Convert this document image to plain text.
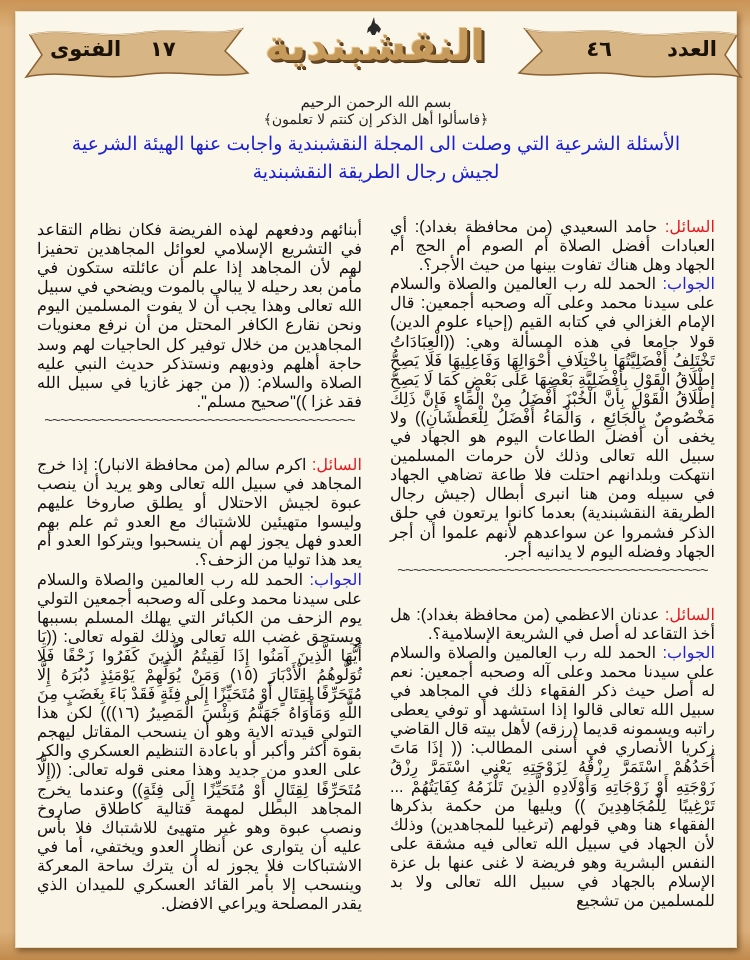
الفتوى ١٧ النقشبندية	العدد
٤٦
بسم الله الرحمن الرحيم
﴿فاسألوا أهل الذكر إن كنتم لا تعلمون﴾
الأسئلة الشرعية التي وصلت الى المجلة النقشبندية واجابت عنها الهيئة الشرعية
لجيش رجال الطريقة النقشبندية

السائل: حامد السعيدي (من محافظة بغداد): أي العبادات أفضل الصلاة أم الصوم أم الحج أم الجهاد وهل هناك تفاوت بينها من حيث الأجر؟.

الجواب: الحمد لله رب العالمين والصلاة والسلام على سيدنا محمد وعلى آله وصحبه أجمعين: قال الإمام الغزالي في كتابه القيم (إحياء علوم الدين) قولا جامعا في هذه المسألة وهي: ((الْعِبَادَاتُ تَخْتَلِفُ أَفْضَلِيَّتُهَا بِاخْتِلَافِ أَحْوَالِهَا وَفَاعِلِيهَا فَلَا يَصِحُّ إطْلَاقُ الْقَوْلِ بِأَفْضَلِيَّةِ بَعْضِهَا عَلَى بَعْضٍ كَمَا لَا يَصِحُّ إطْلَاقُ الْقَوْلِ بِأَنَّ الْخُبْزَ أَفْضَلُ مِنْ الْمَاءِ فَإِنَّ ذَلِكَ مَخْصُوصٌ بِالْجَائِعِ ، وَالْمَاءُ أَفْضَلُ لِلْعَطْشَانِ)) ولا يخفى أن أفضل الطاعات اليوم هو الجهاد في سبيل الله تعالى وذلك لأن حرمات المسلمين انتهكت وبلدانهم احتلت فلا طاعة تضاهي الجهاد في سبيله ومن هنا انبرى أبطال (جيش رجال الطريقة النقشبندية) بعدما كانوا يرتعون في حلق الذكر فشمروا عن سواعدهم لأنهم علموا أن أجر الجهاد وفضله اليوم لا يدانيه أجر.

~~~~~~~~~~~~~~~~~~~~~~~~~~~~~~~~~~~~~~~~

السائل: عدنان الاعظمي (من محافظة بغداد): هل أخذ التقاعد له أصل في الشريعة الإسلامية؟.

الجواب: الحمد لله رب العالمين والصلاة والسلام على سيدنا محمد وعلى آله وصحبه أجمعين: نعم له أصل حيث ذكر الفقهاء ذلك في المجاهد في سبيل الله تعالى قالوا إذا استشهد أو توفي يعطى راتبه ويسمونه قديما (رزقه) لأهل بيته قال القاضي زكريا الأنصاري في أسنى المطالب: (( إذَا مَاتَ أَحَدُهُمْ اسْتَمَرَّ رِزْقُهُ لِزَوْجَتِهِ يَعْنِي اسْتَمَرَّ رِزْقُ زَوْجَتِهِ أَوْ زَوْجَاتِهِ وَأَوْلَادِهِ الَّذِينَ تَلْزَمُهُ كِفَايَتُهُمْ ... تَرْغِيبًا لِلْمُجَاهِدِينَ )) ويليها من حكمة بذكرها الفقهاء هنا وهي قولهم (ترغيبا للمجاهدين) وذلك لأن الجهاد في سبيل الله تعالى فيه مشقة على النفس البشرية وهو فريضة لا غنى عنها بل عزة الإسلام بالجهاد في سبيل الله تعالى ولا بد للمسلمين من تشجيع

أبنائهم ودفعهم لهذه الفريضة فكان نظام التقاعد في التشريع الإسلامي لعوائل المجاهدين تحفيزا لهم لأن المجاهد إذا علم أن عائلته ستكون في مأمن بعد رحيله لا يبالي بالموت ويضحي في سبيل الله تعالى وهذا يجب أن لا يفوت المسلمين اليوم ونحن نقارع الكافر المحتل من أن نرفع معنويات المجاهدين من خلال توفير كل الحاجيات لهم وسد حاجة أهلهم وذويهم ونستذكر حديث النبي عليه الصلاة والسلام: (( من جهز غازيا في سبيل الله فقد غزا ))"صحيح مسلم".

~~~~~~~~~~~~~~~~~~~~~~~~~~~~~~~~~~~~~~~~

السائل: اكرم سالم (من محافظة الانبار): إذا خرج المجاهد في سبيل الله تعالى وهو يريد أن ينصب عبوة لجيش الاحتلال أو يطلق صاروخا عليهم وليسوا متهيئين للاشتباك مع العدو ثم علم بهم العدو فهل يجوز لهم أن ينسحبوا ويتركوا العدو أم يعد هذا توليا من الزحف؟.

الجواب: الحمد لله رب العالمين والصلاة والسلام على سيدنا محمد وعلى آله وصحبه أجمعين التولي يوم الزحف من الكبائر التي يهلك المسلم بسببها ويستحق غضب الله تعالى وذلك لقوله تعالى: ((يَا أَيُّهَا الَّذِينَ آمَنُوا إِذَا لَقِيتُمُ الَّذِينَ كَفَرُوا زَحْفًا فَلَا تُوَلُّوهُمُ الْأَدْبَارَ (١٥) وَمَنْ يُوَلِّهِمْ يَوْمَئِذٍ دُبُرَهُ إِلَّا مُتَحَرِّفًا لِقِتَالٍ أَوْ مُتَحَيِّزًا إِلَى فِئَةٍ فَقَدْ بَاءَ بِغَضَبٍ مِنَ اللَّهِ وَمَأْوَاهُ جَهَنَّمُ وَبِئْسَ الْمَصِيرُ (١٦))) لكن هذا التولي قيدته الاية وهو أن ينسحب المقاتل ليهجم بقوة أكثر وأكبر أو باعادة التنظيم العسكري والكر على العدو من جديد وهذا معنى قوله تعالى: ((إِلَّا مُتَحَرِّفًا لِقِتَالٍ أَوْ مُتَحَيِّزًا إِلَى فِئَةٍ)) وعندما يخرج المجاهد البطل لمهمة قتالية كاطلاق صاروخ ونصب عبوة وهو غير متهيئ للاشتباك فلا بأس عليه أن يتوارى عن أنظار العدو ويختفي، أما في الاشتباكات فلا يجوز له أن يترك ساحة المعركة وينسحب إلا بأمر القائد العسكري للميدان الذي يقدر المصلحة ويراعي الافضل.
